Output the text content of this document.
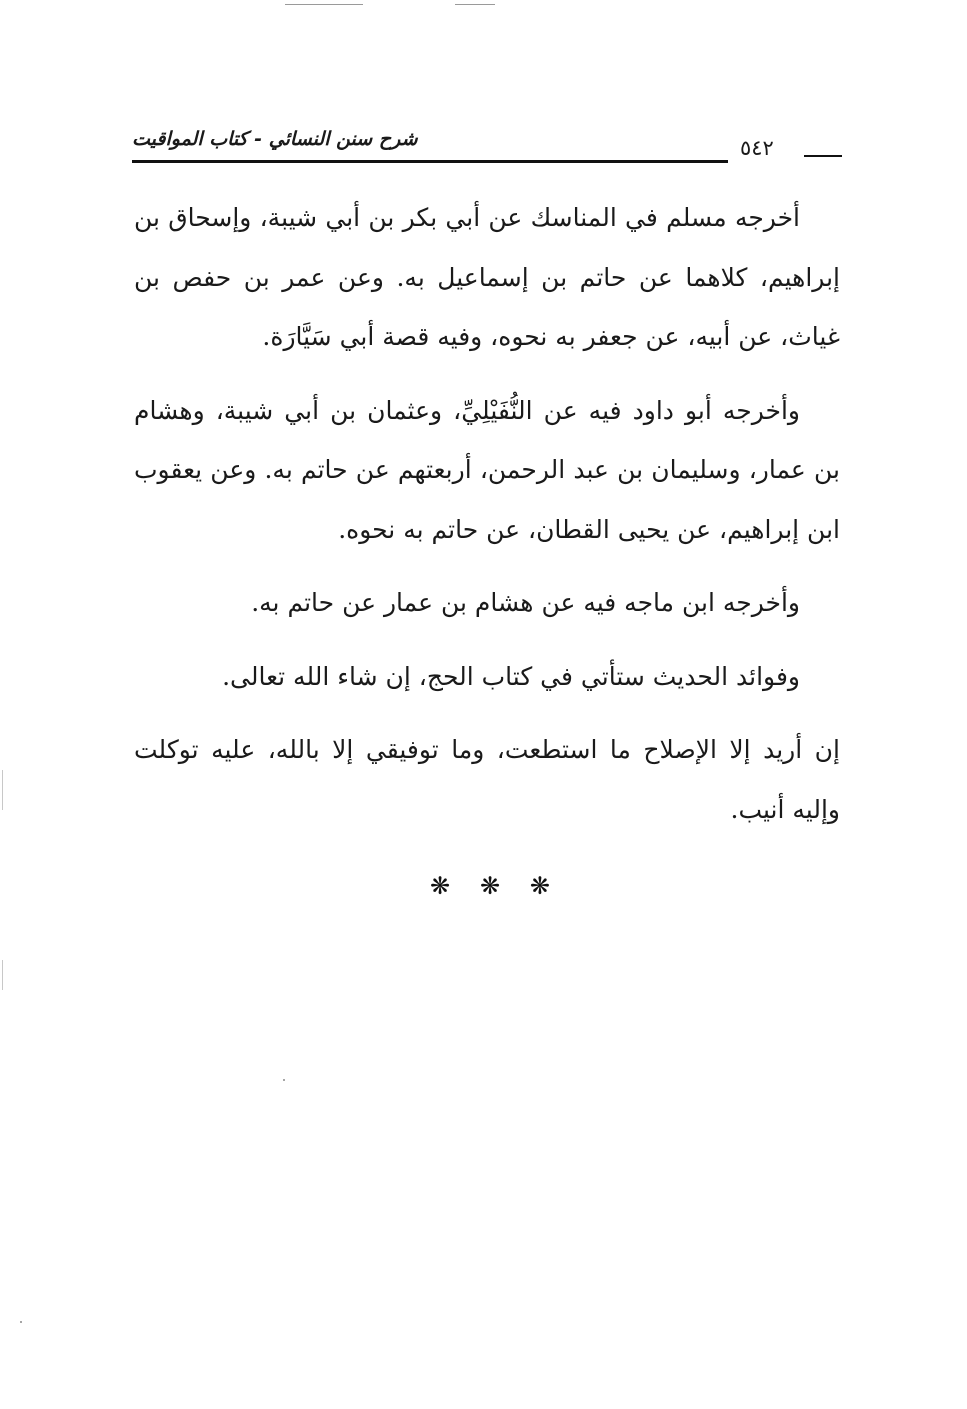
شرح سنن النسائي - كتاب المواقيت	٥٤٢

أخرجه مسلم في المناسك عن أبي بكر بن أبي شيبة، وإسحاق بن إبراهيم، كلاهما عن حاتم بن إسماعيل به. وعن عمر بن حفص بن غياث، عن أبيه، عن جعفر به نحوه، وفيه قصة أبي سَيَّارَة.

وأخرجه أبو داود فيه عن النُّفَيْلِيِّ، وعثمان بن أبي شيبة، وهشام بن عمار، وسليمان بن عبد الرحمن، أربعتهم عن حاتم به. وعن يعقوب ابن إبراهيم، عن يحيى القطان، عن حاتم به نحوه.

وأخرجه ابن ماجه فيه عن هشام بن عمار عن حاتم به.

وفوائد الحديث ستأتي في كتاب الحج، إن شاء الله تعالى.

إن أريد إلا الإصلاح ما استطعت، وما توفيقي إلا بالله، عليه توكلت وإليه أنيب.

❋ ❋ ❋
